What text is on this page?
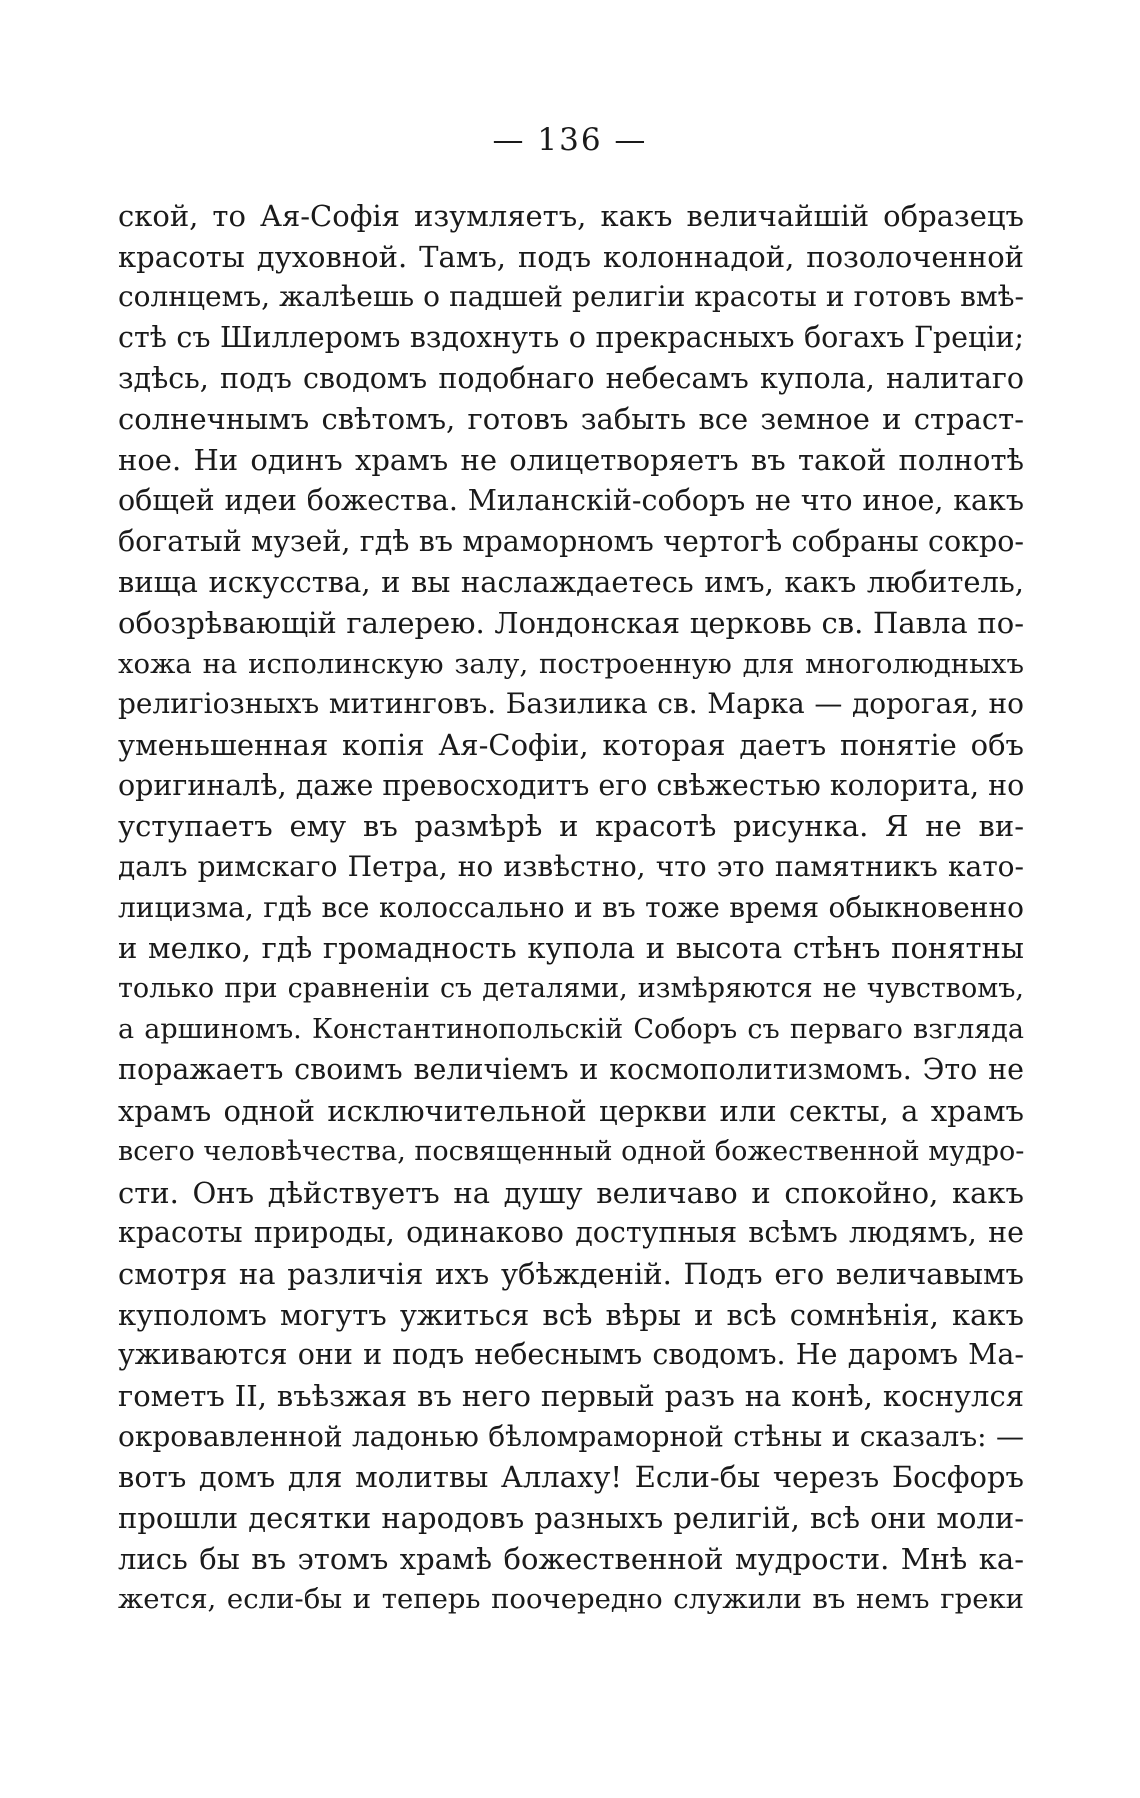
— 136 —
ской, то Ая-Софія изумляетъ, какъ величайшій образецъ
красоты духовной. Тамъ, подъ колоннадой, позолоченной
солнцемъ, жалѣешь о падшей религіи красоты и готовъ вмѣ-
стѣ съ Шиллеромъ вздохнуть о прекрасныхъ богахъ Греціи;
здѣсь, подъ сводомъ подобнаго небесамъ купола, налитаго
солнечнымъ свѣтомъ, готовъ забыть все земное и страст-
ное. Ни одинъ храмъ не олицетворяетъ въ такой полнотѣ
общей идеи божества. Миланскій-соборъ не что иное, какъ
богатый музей, гдѣ въ мраморномъ чертогѣ собраны сокро-
вища искусства, и вы наслаждаетесь имъ, какъ любитель,
обозрѣвающій галерею. Лондонская церковь св. Павла по-
хожа на исполинскую залу, построенную для многолюдныхъ
религіозныхъ митинговъ. Базилика св. Марка — дорогая, но
уменьшенная копія Ая-Софіи, которая даетъ понятіе объ
оригиналѣ, даже превосходитъ его свѣжестью колорита, но
уступаетъ ему въ размѣрѣ и красотѣ рисунка. Я не ви-
далъ римскаго Петра, но извѣстно, что это памятникъ като-
лицизма, гдѣ все колоссально и въ тоже время обыкновенно
и мелко, гдѣ громадность купола и высота стѣнъ понятны
только при сравненіи съ деталями, измѣряются не чувствомъ,
а аршиномъ. Константинопольскій Соборъ съ перваго взгляда
поражаетъ своимъ величіемъ и космополитизмомъ. Это не
храмъ одной исключительной церкви или секты, а храмъ
всего человѣчества, посвященный одной божественной мудро-
сти. Онъ дѣйствуетъ на душу величаво и спокойно, какъ
красоты природы, одинаково доступныя всѣмъ людямъ, не
смотря на различія ихъ убѣжденій. Подъ его величавымъ
куполомъ могутъ ужиться всѣ вѣры и всѣ сомнѣнія, какъ
уживаются они и подъ небеснымъ сводомъ. Не даромъ Ма-
гометъ II, въѣзжая въ него первый разъ на конѣ, коснулся
окровавленной ладонью бѣломраморной стѣны и сказалъ: —
вотъ домъ для молитвы Аллаху! Если-бы черезъ Босфоръ
прошли десятки народовъ разныхъ религій, всѣ они моли-
лись бы въ этомъ храмѣ божественной мудрости. Мнѣ ка-
жется, если-бы и теперь поочередно служили въ немъ греки
